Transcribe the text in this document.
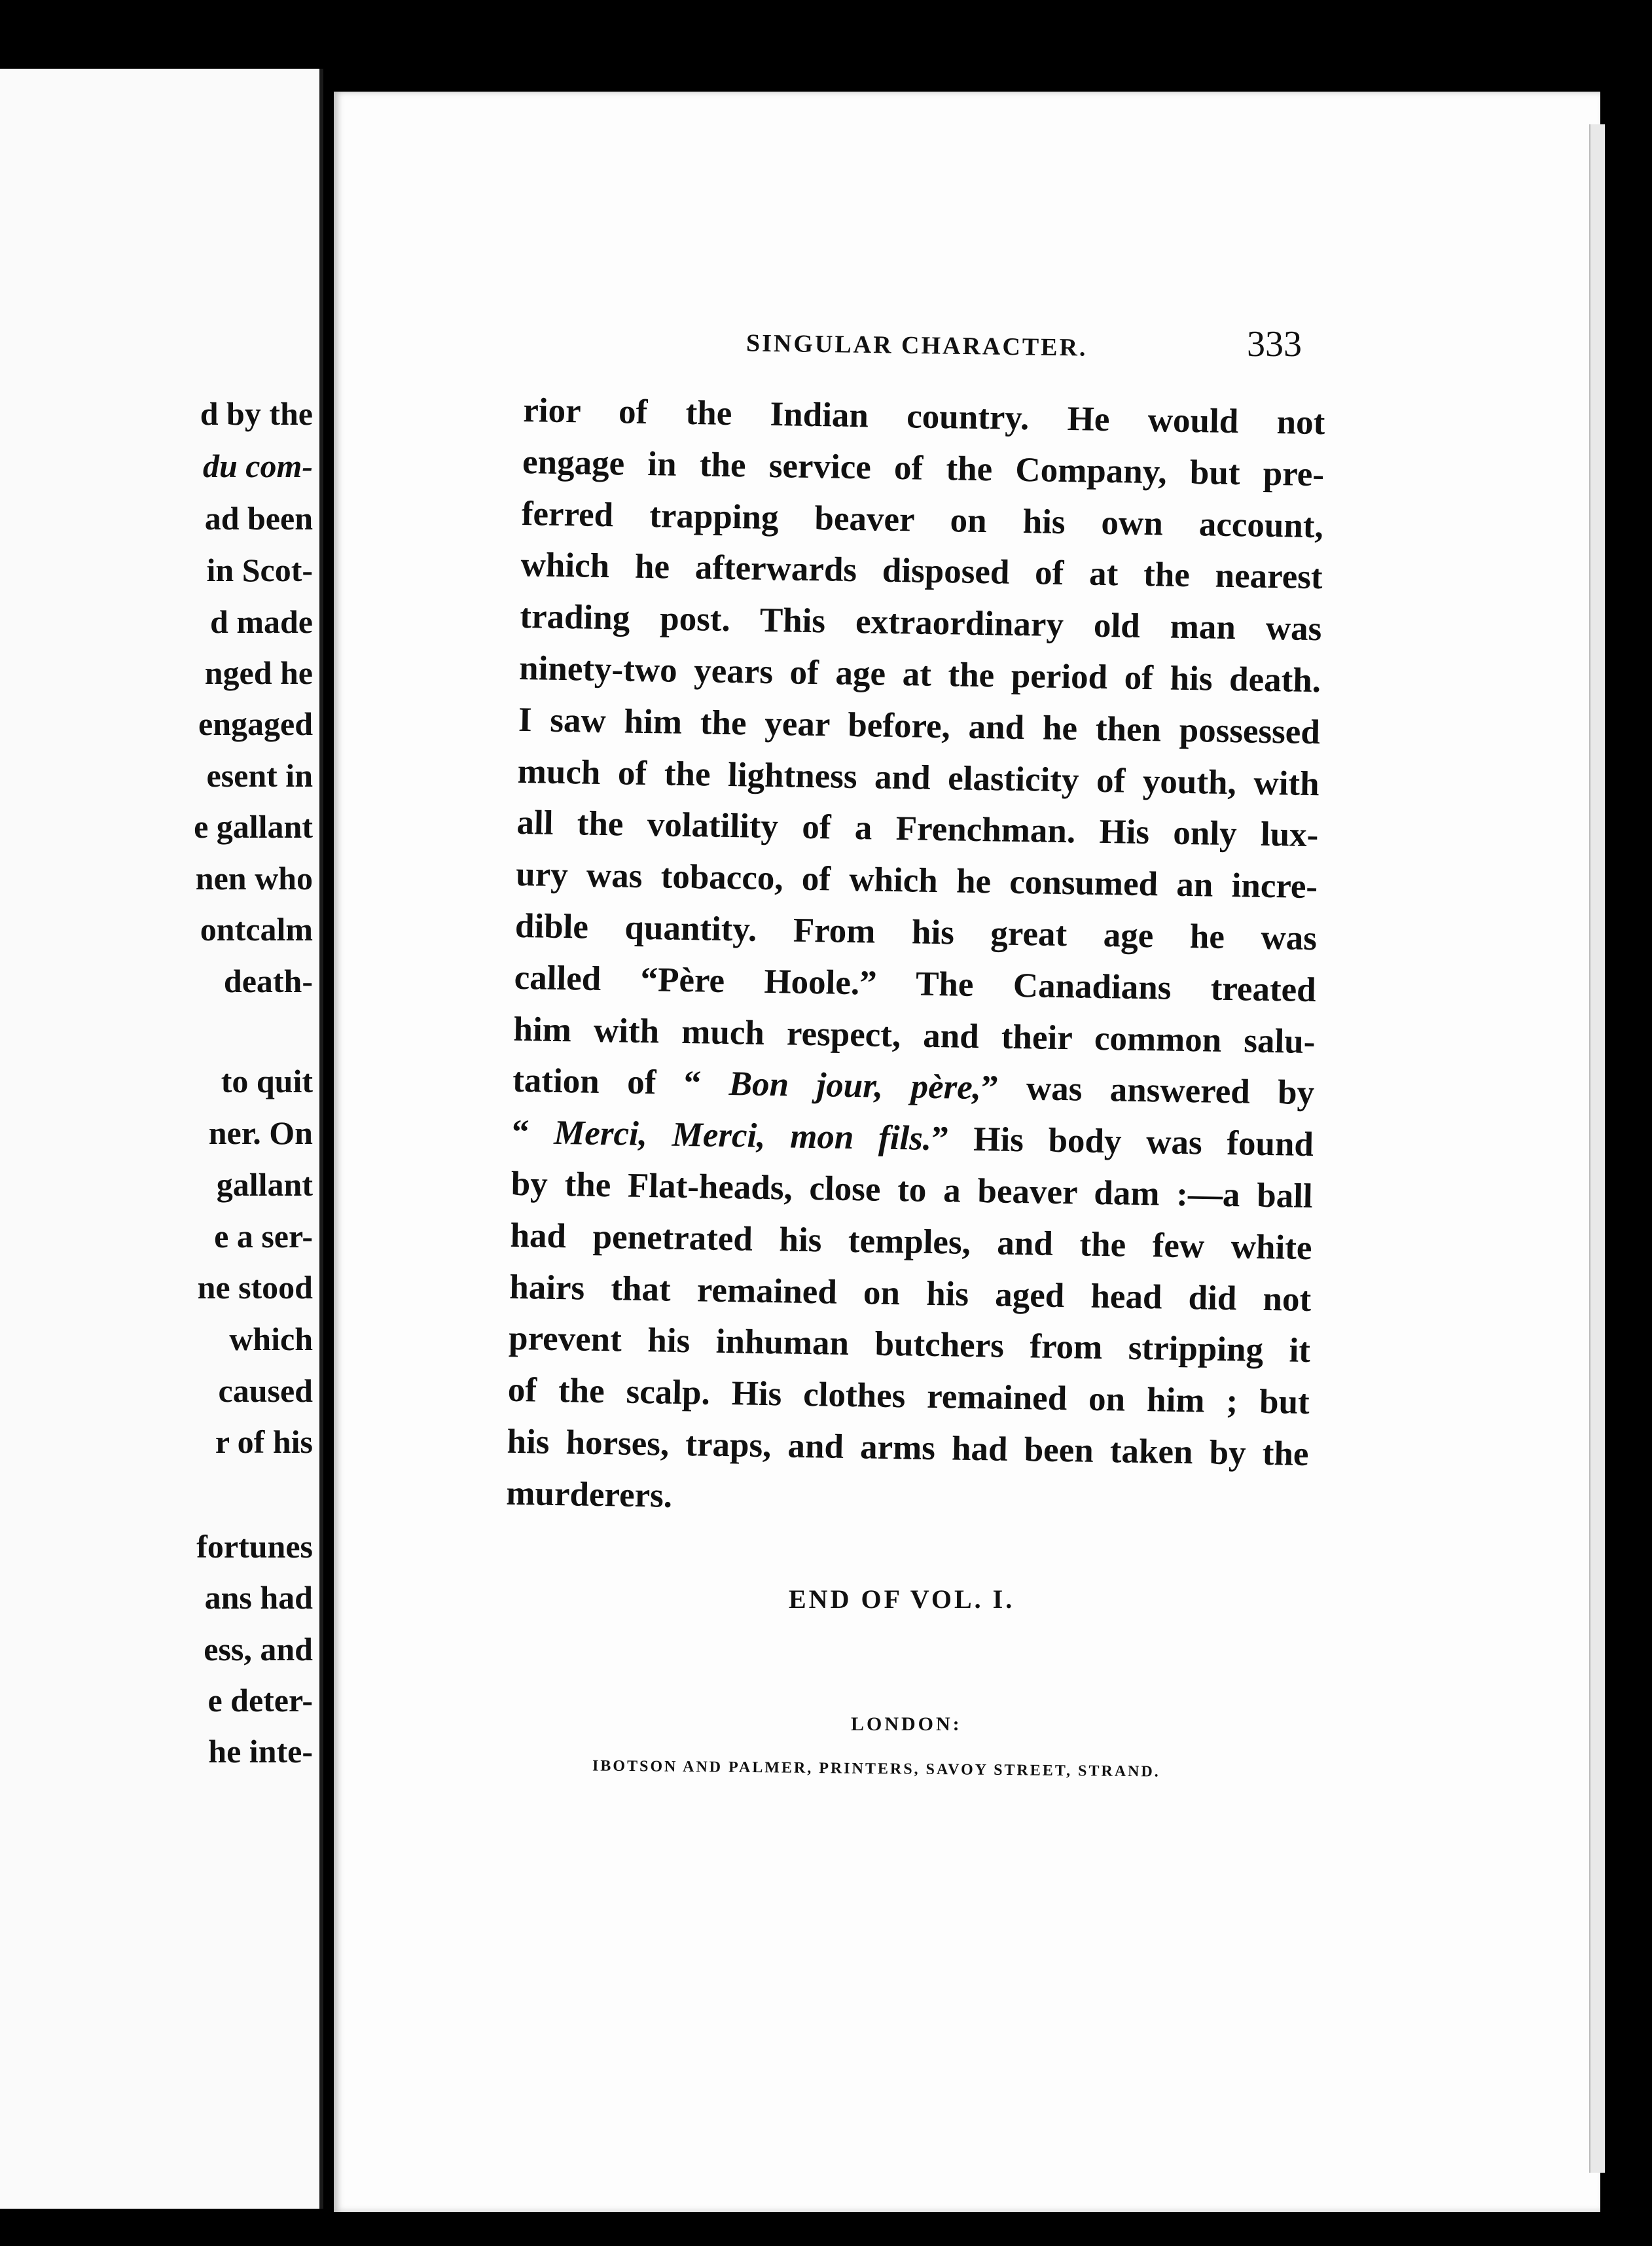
d by the
du com-
ad been
in Scot-
d made
nged he
engaged
esent in
e gallant
nen who
ontcalm
death-
to quit
ner. On
gallant
e a ser-
ne stood
which
caused
r of his
fortunes
ans had
ess, and
e deter-
he inte-
SINGULAR CHARACTER.	333
rior of the Indian country. He would not
engage in the service of the Company, but pre-
ferred trapping beaver on his own account,
which he afterwards disposed of at the nearest
trading post. This extraordinary old man was
ninety-two years of age at the period of his death.
I saw him the year before, and he then possessed
much of the lightness and elasticity of youth, with
all the volatility of a Frenchman. His only lux-
ury was tobacco, of which he consumed an incre-
dible quantity. From his great age he was
called “Père Hoole.” The Canadians treated
him with much respect, and their common salu-
tation of “ Bon jour, père,” was answered by
“ Merci, Merci, mon fils.” His body was found
by the Flat-heads, close to a beaver dam :—a ball
had penetrated his temples, and the few white
hairs that remained on his aged head did not
prevent his inhuman butchers from stripping it
of the scalp. His clothes remained on him ; but
his horses, traps, and arms had been taken by the
murderers.
END OF VOL. I.
LONDON:
IBOTSON AND PALMER, PRINTERS, SAVOY STREET, STRAND.
